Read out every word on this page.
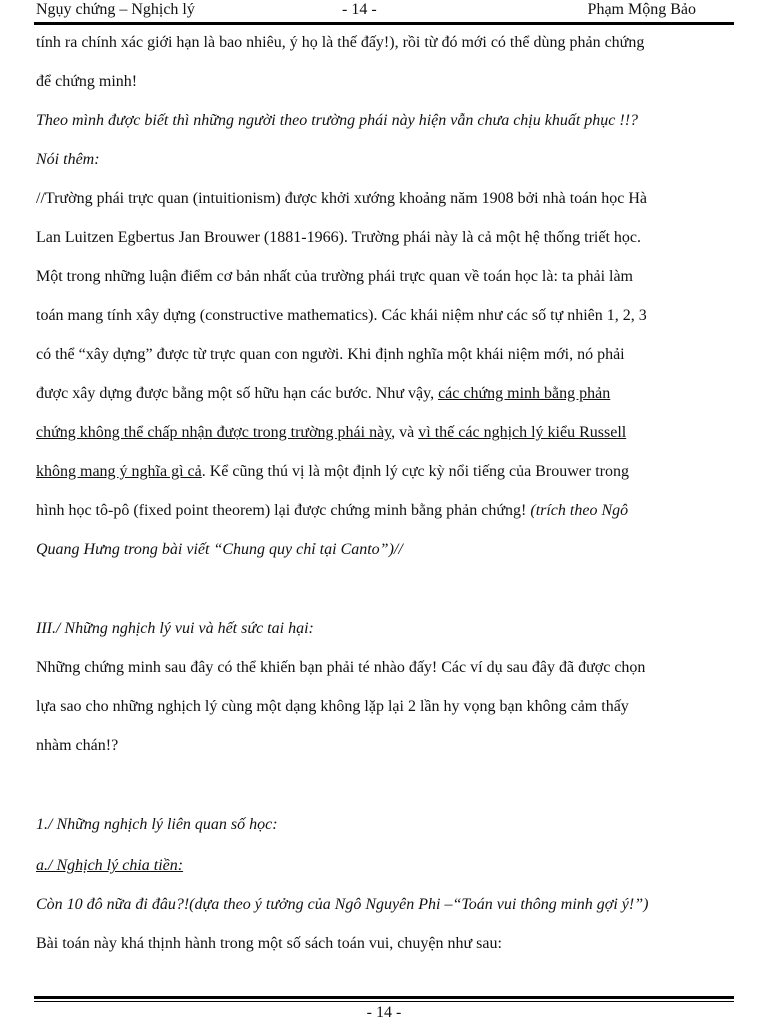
Ngụy chứng – Nghịch lý	- 14 -	Phạm Mộng Bảo
tính ra chính xác giới hạn là bao nhiêu, ý họ là thế đấy!), rồi từ đó mới có thể dùng phản chứng
để chứng minh!
Theo mình được biết thì những người theo trường phái này hiện vẫn chưa chịu khuất phục !!?
Nói thêm:
//Trường phái trực quan (intuitionism) được khởi xướng khoảng năm 1908 bởi nhà toán học Hà
Lan Luitzen Egbertus Jan Brouwer (1881-1966). Trường phái này là cả một hệ thống triết học.
Một trong những luận điểm cơ bản nhất của trường phái trực quan về toán học là: ta phải làm
toán mang tính xây dựng (constructive mathematics). Các khái niệm như các số tự nhiên 1, 2, 3
có thể “xây dựng” được từ trực quan con người. Khi định nghĩa một khái niệm mới, nó phải
được xây dựng được bằng một số hữu hạn các bước. Như vậy, các chứng minh bằng phản
chứng không thể chấp nhận được trong trường phái này, và vì thế các nghịch lý kiểu Russell
không mang ý nghĩa gì cả. Kể cũng thú vị là một định lý cực kỳ nổi tiếng của Brouwer trong
hình học tô-pô (fixed point theorem) lại được chứng minh bằng phản chứng! (trích theo Ngô
Quang Hưng trong bài viết “Chung quy chỉ tại Canto”)//
III./ Những nghịch lý vui và hết sức tai hại:
Những chứng minh sau đây có thể khiến bạn phải té nhào đấy! Các ví dụ sau đây đã được chọn
lựa sao cho những nghịch lý cùng một dạng không lặp lại 2 lần hy vọng bạn không cảm thấy
nhàm chán!?
1./ Những nghịch lý liên quan số học:
a./ Nghịch lý chia tiền:
Còn 10 đô nữa đi đâu?!(dựa theo ý tưởng của Ngô Nguyên Phi –“Toán vui thông minh gợi ý!”)
Bài toán này khá thịnh hành trong một số sách toán vui, chuyện như sau:
- 14 -
